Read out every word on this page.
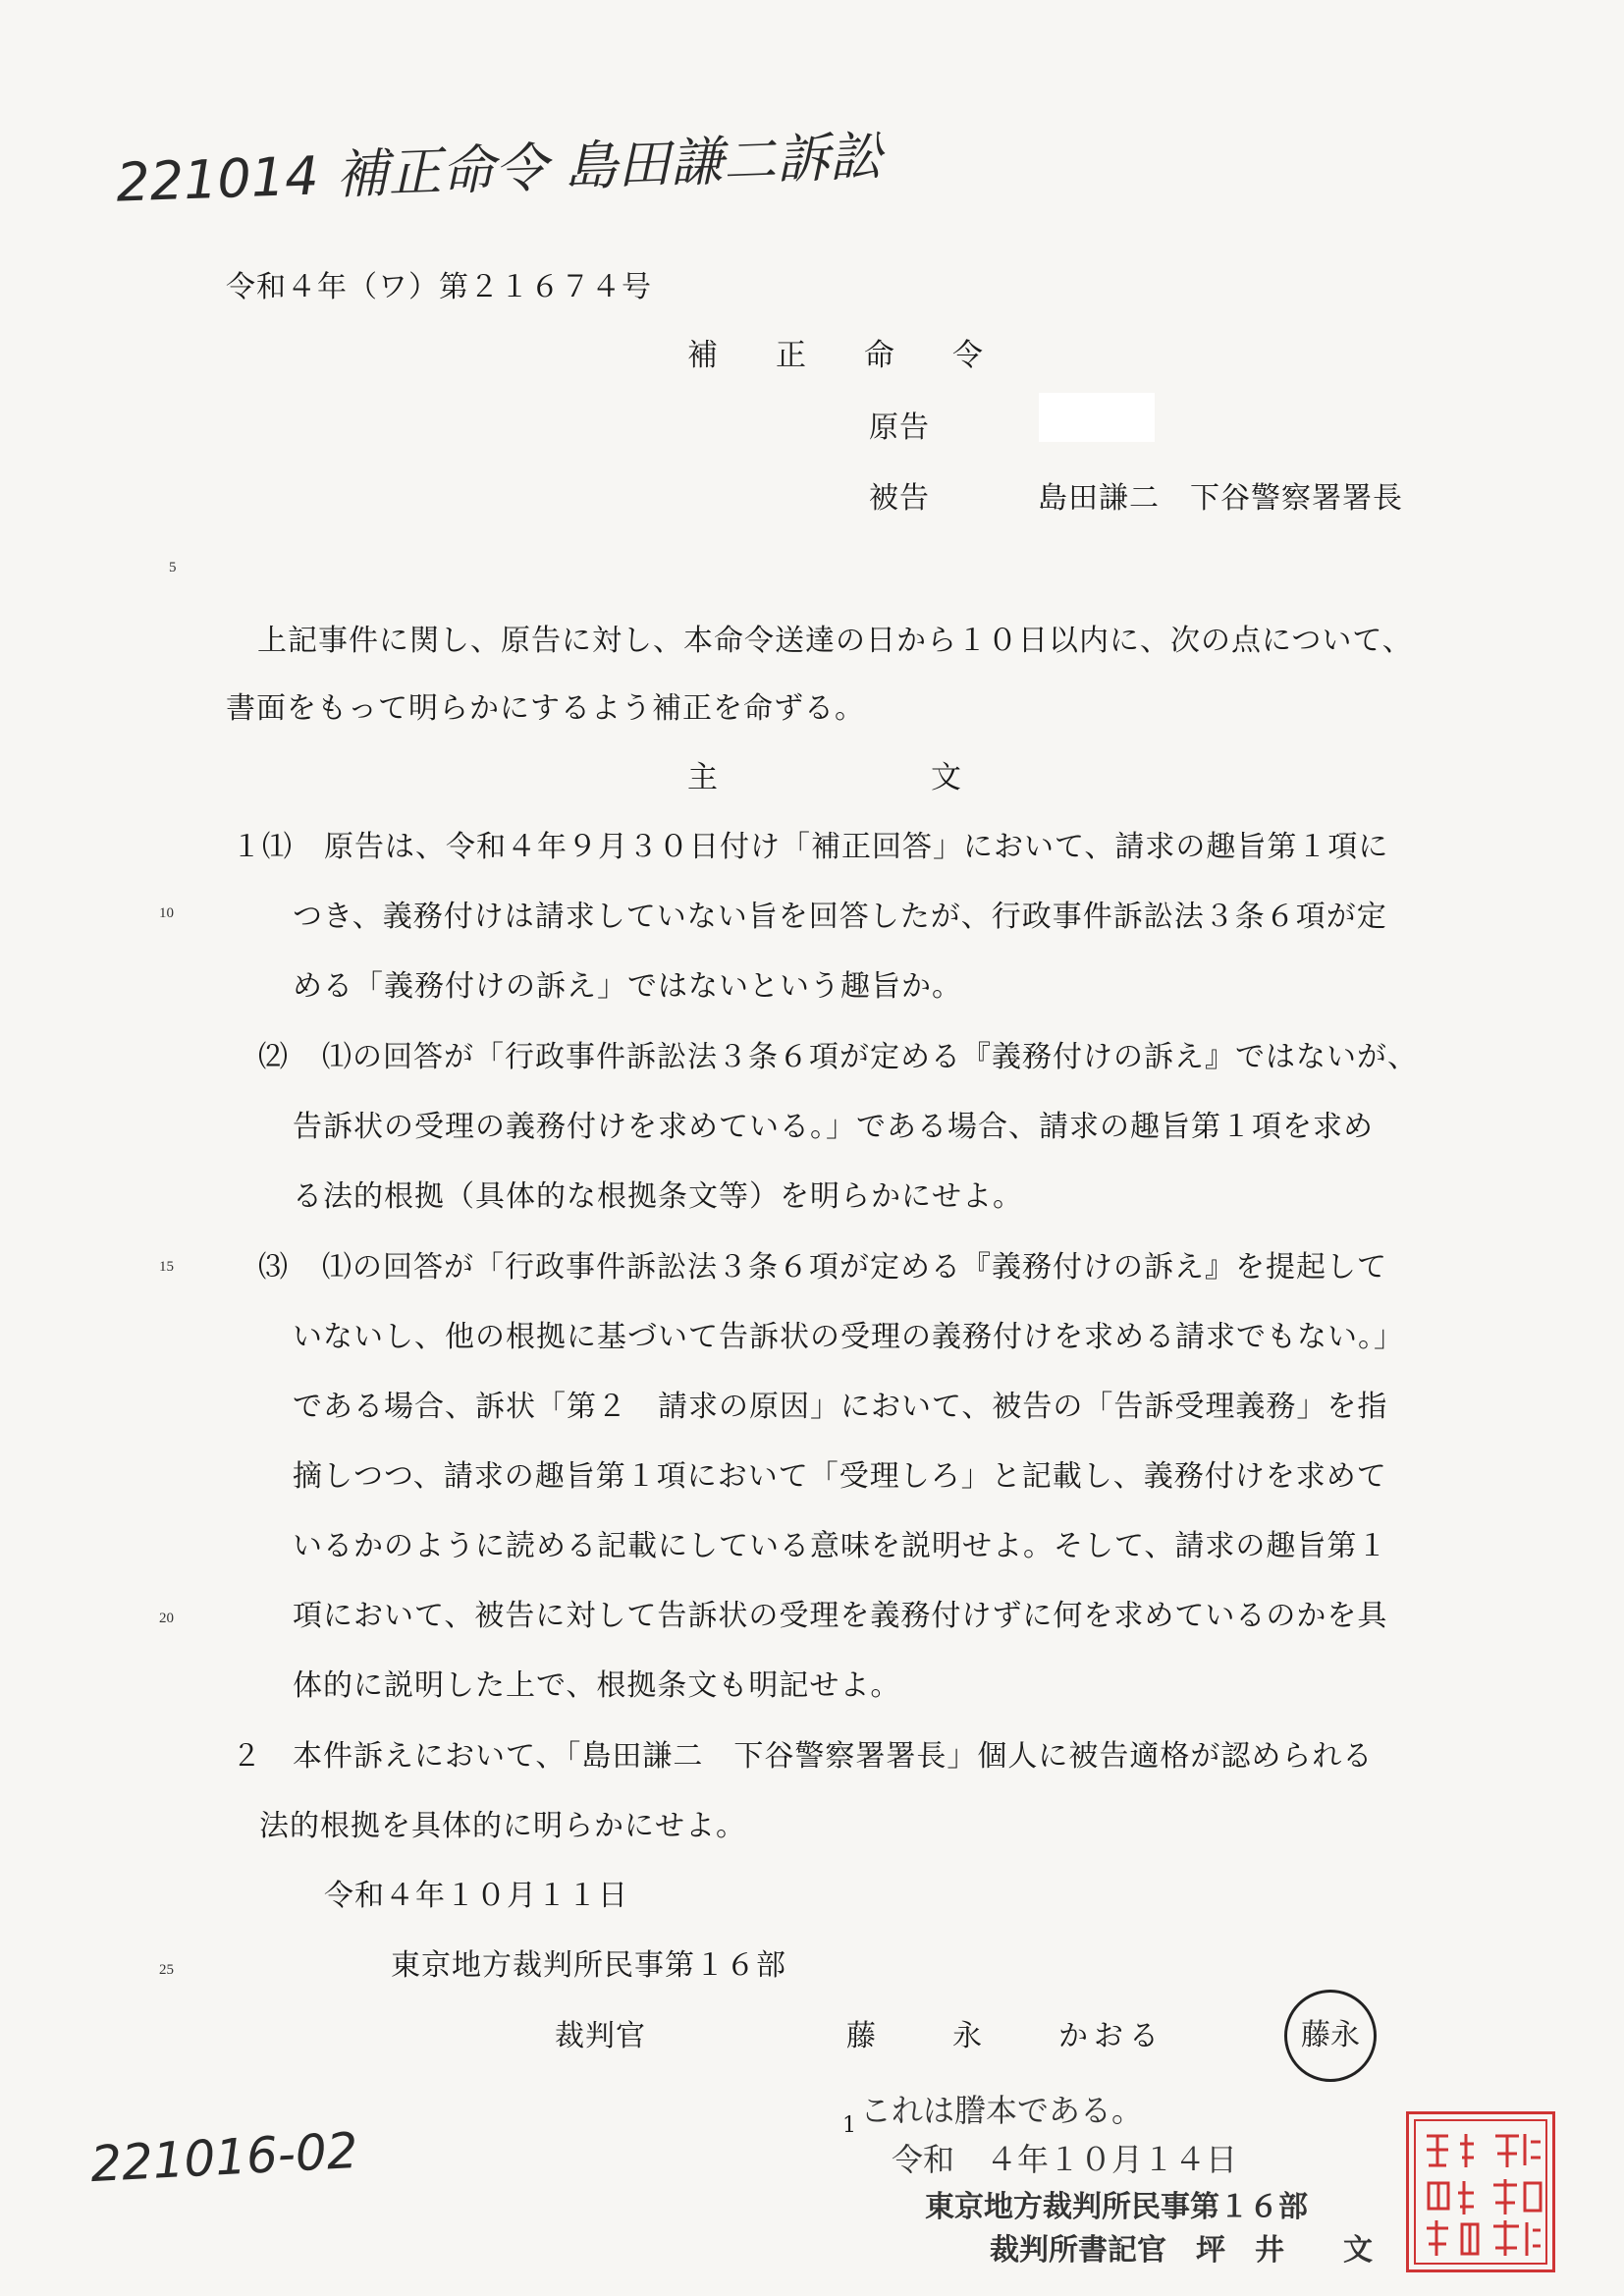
221014 補正命令 島田謙二訴訟
221016-02
令和４年（ワ）第２１６７４号
補　正　命　令
原告
被告	島田謙二　下谷警察署署長
5
10
15
20
25
上記事件に関し、原告に対し、本命令送達の日から１０日以内に、次の点について、
書面をもって明らかにするよう補正を命ずる。
主　　　　　　　文
１⑴ 原告は、令和４年９月３０日付け「補正回答」において、請求の趣旨第１項に
つき、義務付けは請求していない旨を回答したが、行政事件訴訟法３条６項が定
める「義務付けの訴え」ではないという趣旨か。
⑵ ⑴の回答が「行政事件訴訟法３条６項が定める『義務付けの訴え』ではないが、
告訴状の受理の義務付けを求めている。」である場合、請求の趣旨第１項を求め
る法的根拠（具体的な根拠条文等）を明らかにせよ。
⑶ ⑴の回答が「行政事件訴訟法３条６項が定める『義務付けの訴え』を提起して
いないし、他の根拠に基づいて告訴状の受理の義務付けを求める請求でもない。」
である場合、訴状「第２　請求の原因」において、被告の「告訴受理義務」を指
摘しつつ、請求の趣旨第１項において「受理しろ」と記載し、義務付けを求めて
いるかのように読める記載にしている意味を説明せよ。そして、請求の趣旨第１
項において、被告に対して告訴状の受理を義務付けずに何を求めているのかを具
体的に説明した上で、根拠条文も明記せよ。
２ 本件訴えにおいて、「島田謙二　下谷警察署署長」個人に被告適格が認められる
法的根拠を具体的に明らかにせよ。
令和４年１０月１１日
東京地方裁判所民事第１６部
裁判官	藤　　永　　かおる	藤永
1 これは謄本である。
令和　４年１０月１４日
東京地方裁判所民事第１６部
裁判所書記官　坪　井　　文
